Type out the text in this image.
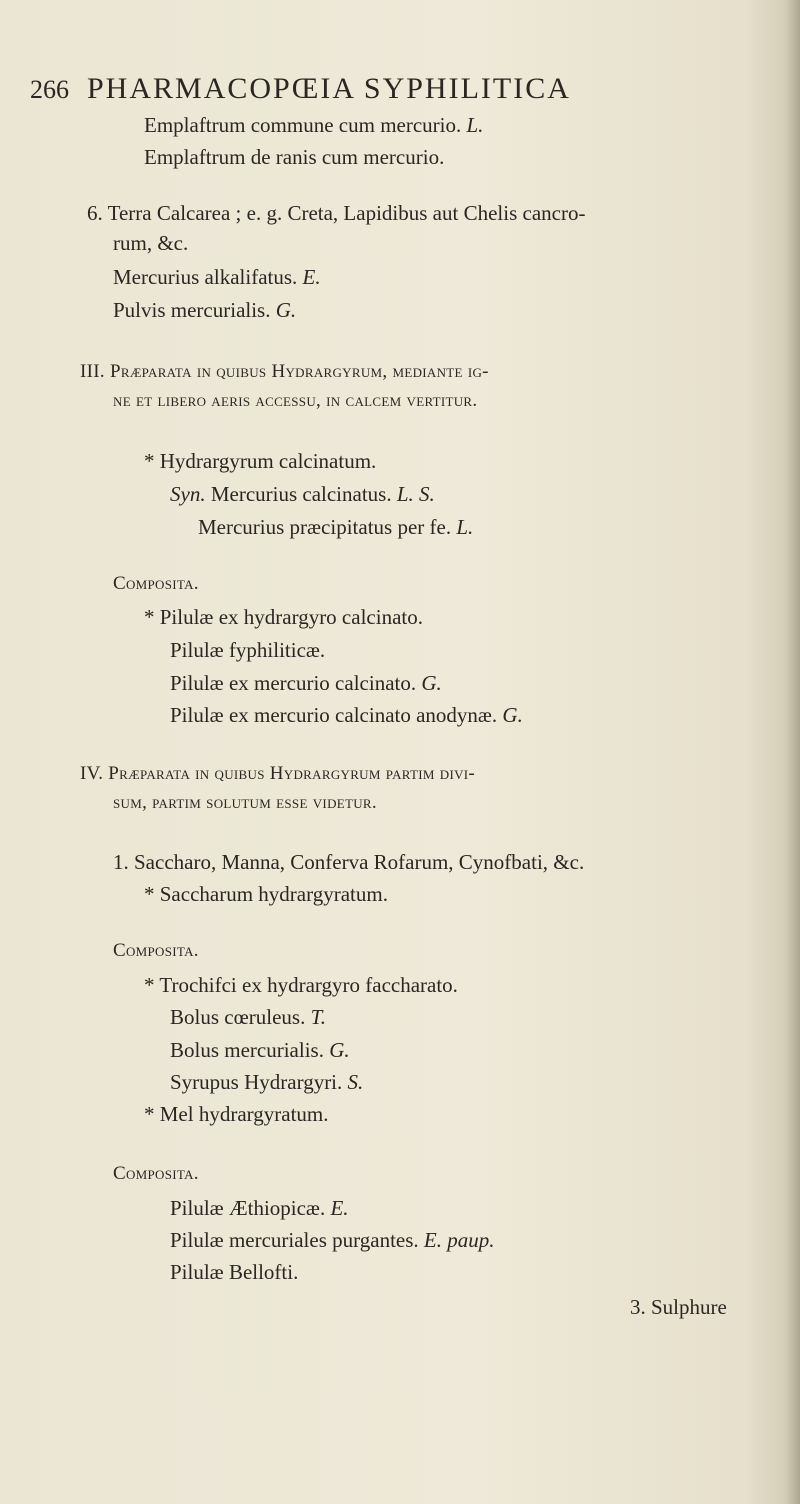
266 PHARMACOPŒIA SYPHILITICA
Emplaftrum commune cum mercurio. L.
Emplaftrum de ranis cum mercurio.
6. Terra Calcarea ; e. g. Creta, Lapidibus aut Chelis cancro-
rum, &c.
Mercurius alkalifatus. E.
Pulvis mercurialis. G.
III. Præparata in quibus Hydrargyrum, mediante ig-
ne et libero aeris accessu, in calcem vertitur.
* Hydrargyrum calcinatum.
Syn. Mercurius calcinatus. L. S.
Mercurius præcipitatus per fe. L.
Composita.
* Pilulæ ex hydrargyro calcinato.
Pilulæ fyphiliticæ.
Pilulæ ex mercurio calcinato. G.
Pilulæ ex mercurio calcinato anodynæ. G.
IV. Præparata in quibus Hydrargyrum partim divi-
sum, partim solutum esse videtur.
1. Saccharo, Manna, Conferva Rofarum, Cynofbati, &c.
* Saccharum hydrargyratum.
Composita.
* Trochifci ex hydrargyro faccharato.
Bolus cœruleus. T.
Bolus mercurialis. G.
Syrupus Hydrargyri. S.
* Mel hydrargyratum.
Composita.
Pilulæ Æthiopicæ. E.
Pilulæ mercuriales purgantes. E. paup.
Pilulæ Bellofti.
3. Sulphure
